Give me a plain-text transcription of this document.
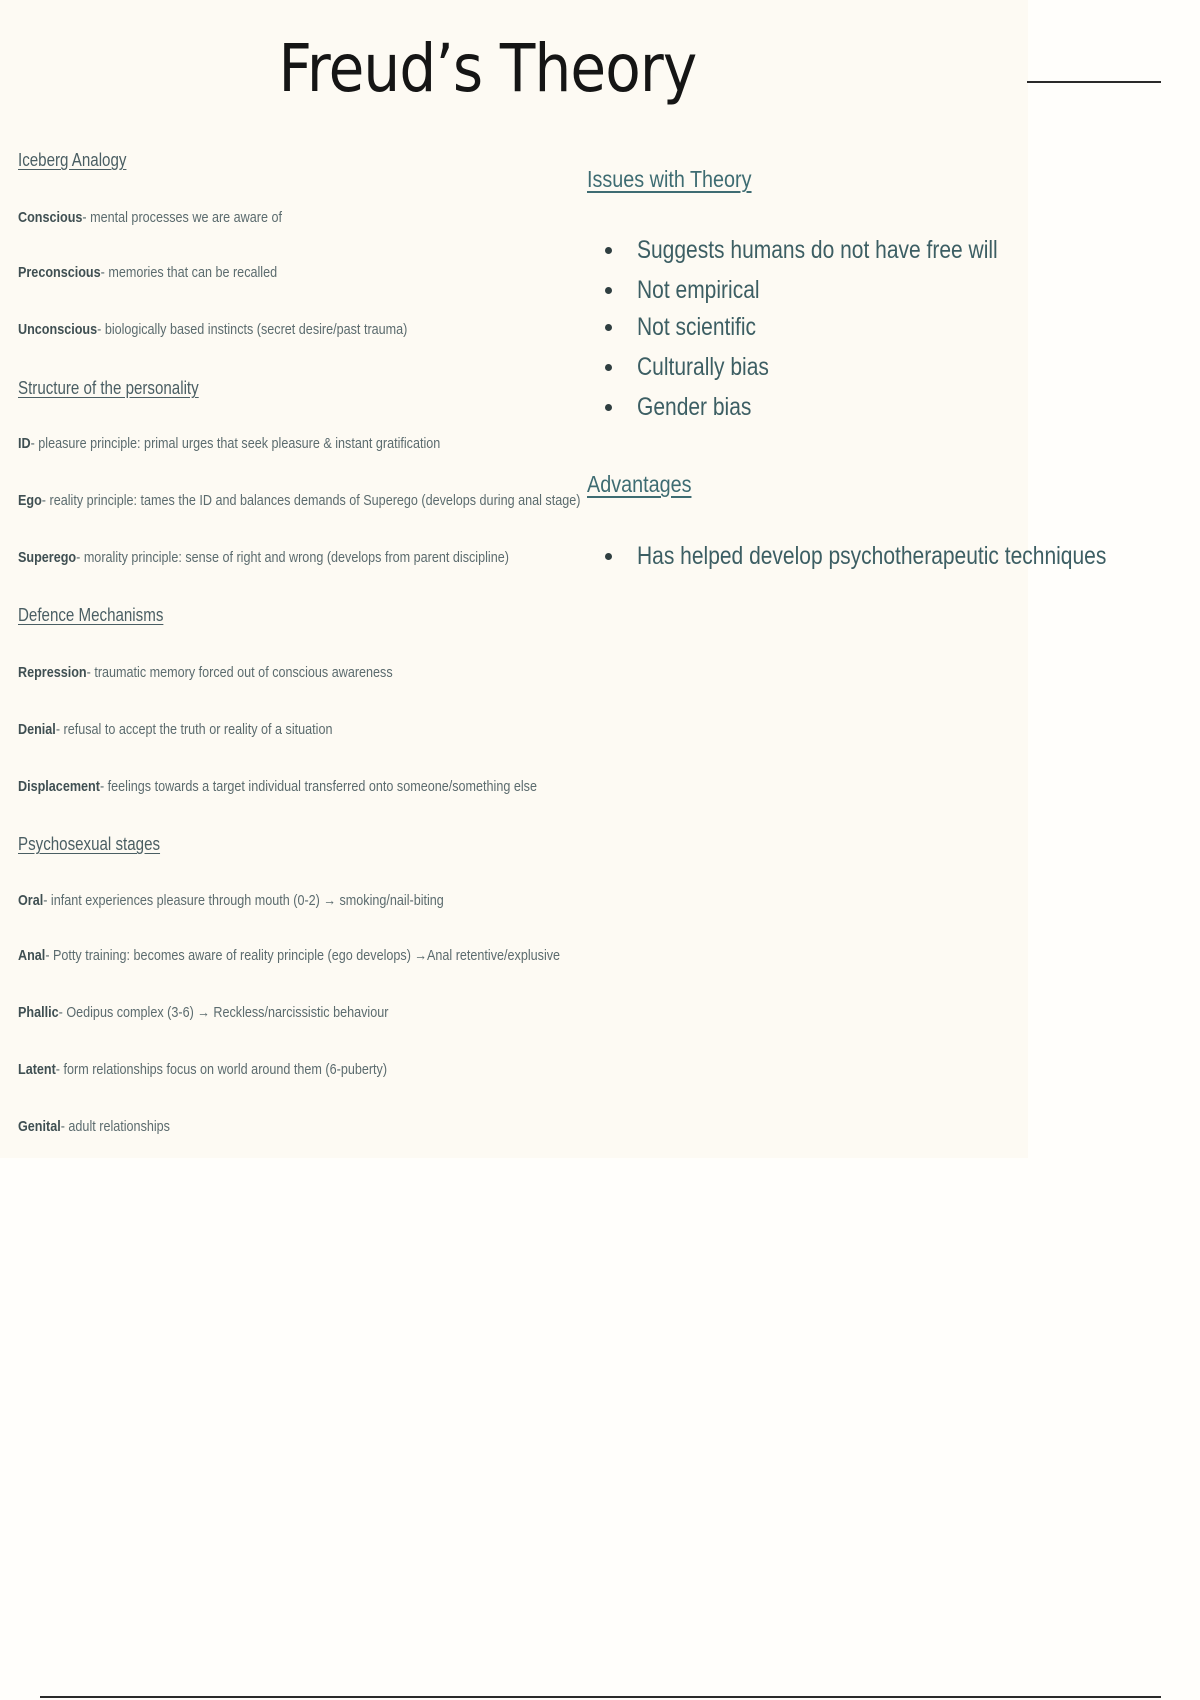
Freud’s Theory
Iceberg Analogy
Conscious- mental processes we are aware of
Preconscious- memories that can be recalled
Unconscious- biologically based instincts (secret desire/past trauma)
Structure of the personality
ID- pleasure principle: primal urges that seek pleasure & instant gratification
Ego- reality principle: tames the ID and balances demands of Superego (develops during anal stage)
Superego- morality principle: sense of right and wrong (develops from parent discipline)
Defence Mechanisms
Repression- traumatic memory forced out of conscious awareness
Denial- refusal to accept the truth or reality of a situation
Displacement- feelings towards a target individual transferred onto someone/something else
Psychosexual stages
Oral- infant experiences pleasure through mouth (0-2) → smoking/nail-biting
Anal- Potty training: becomes aware of reality principle (ego develops) →Anal retentive/explusive
Phallic- Oedipus complex (3-6) → Reckless/narcissistic behaviour
Latent- form relationships focus on world around them (6-puberty)
Genital- adult relationships
Issues with Theory
Suggests humans do not have free will
Not empirical
Not scientific
Culturally bias
Gender bias
Advantages
Has helped develop psychotherapeutic techniques
